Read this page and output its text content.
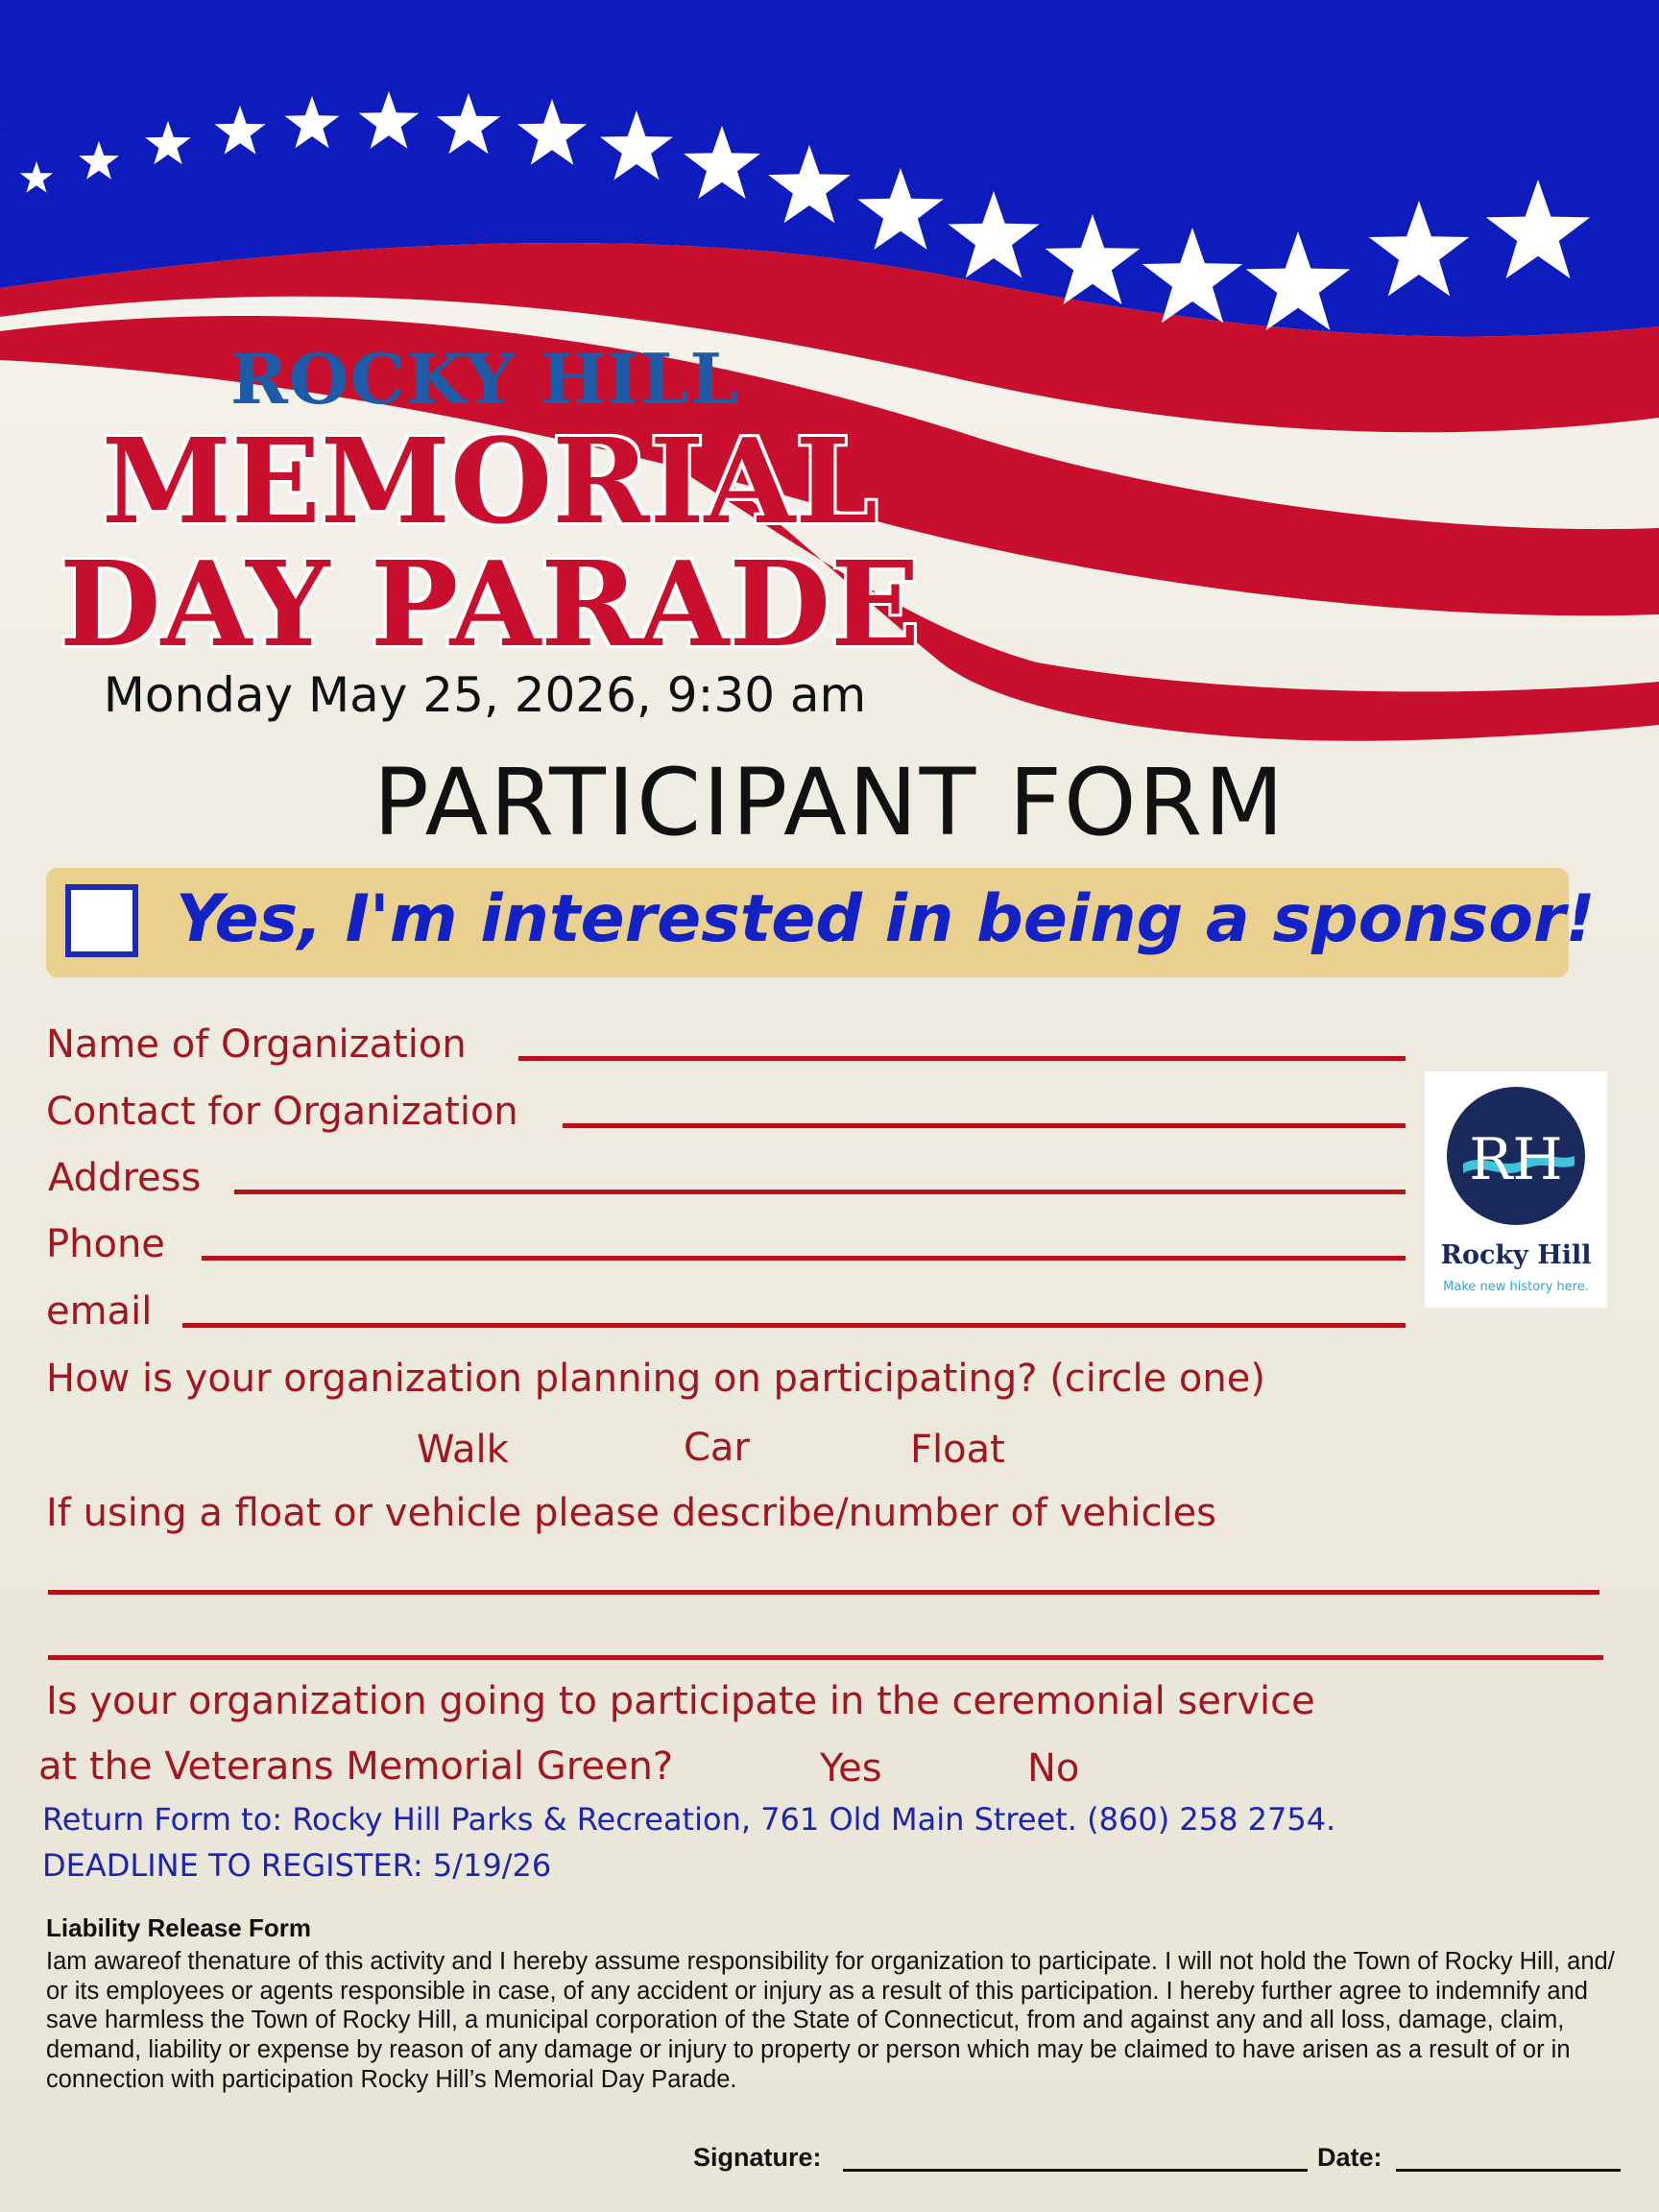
ROCKY HILL
MEMORIAL
DAY PARADE
Monday May 25, 2026, 9:30 am
PARTICIPANT FORM
Yes, I'm interested in being a sponsor!
Name of Organization
Contact for Organization
Address
Phone
email
RH
Rocky Hill
Make new history here.
How is your organization planning on participating? (circle one)
Walk	Car	Float
If using a float or vehicle please describe/number of vehicles
Is your organization going to participate in the ceremonial service
at the Veterans Memorial Green?	Yes	No
Return Form to: Rocky Hill Parks & Recreation, 761 Old Main Street. (860) 258 2754.
DEADLINE TO REGISTER: 5/19/26
Liability Release Form
Iam awareof thenature of this activity and I hereby assume responsibility for organization to participate. I will not hold the Town of Rocky Hill, and/ or its employees or agents responsible in case, of any accident or injury as a result of this participation. I hereby further agree to indemnify and save harmless the Town of Rocky Hill, a municipal corporation of the State of Connecticut, from and against any and all loss, damage, claim, demand, liability or expense by reason of any damage or injury to property or person which may be claimed to have arisen as a result of or in connection with participation Rocky Hill’s Memorial Day Parade.
Signature:	Date:
